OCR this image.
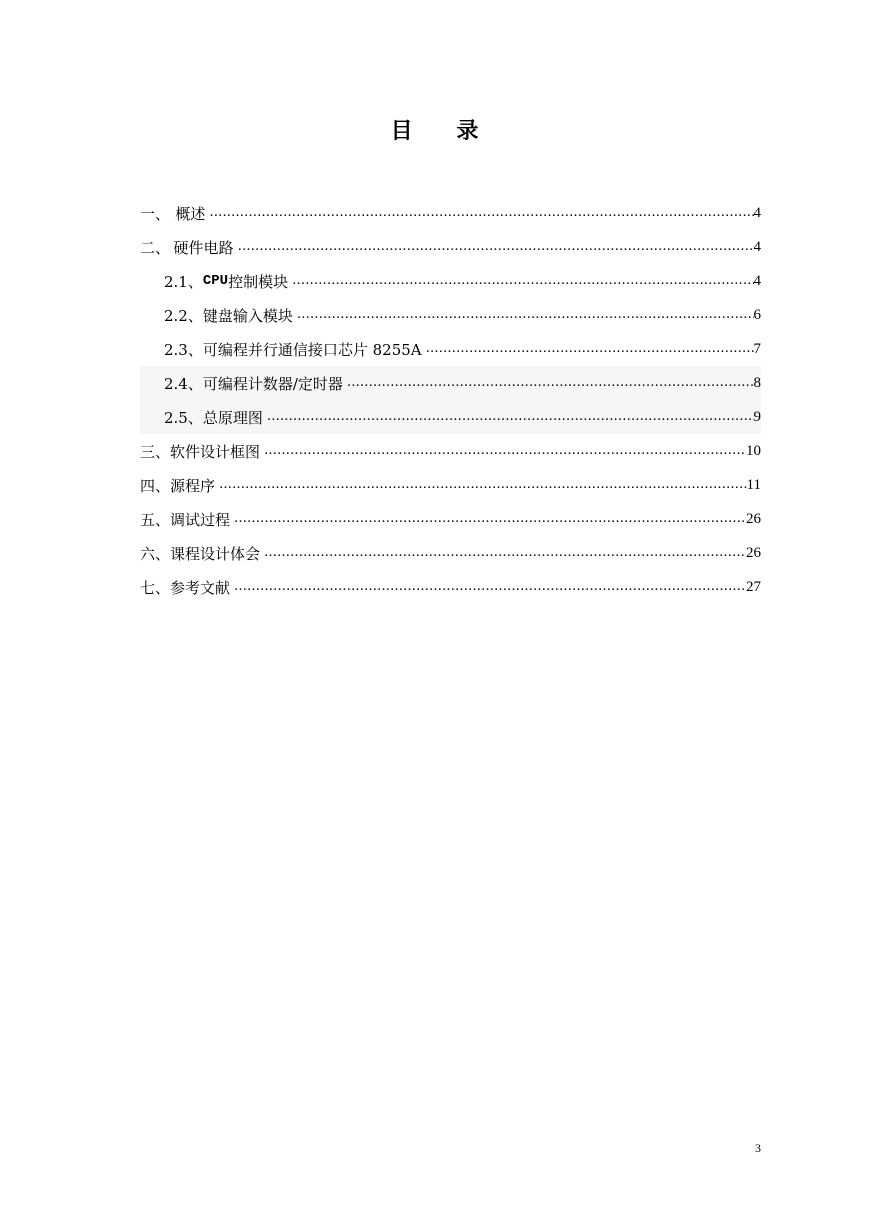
目 录
一、 概述 ……………………………………………………………………………………………………………………………………………………………………………………………	4
二、 硬件电路 ……………………………………………………………………………………………………………………………………………………………………………………………	4
2.1、 CPU 控制模块 ……………………………………………………………………………………………………………………………………………………………………………………………	4
2.2、键盘输入模块 ……………………………………………………………………………………………………………………………………………………………………………………………	6
2.3、可编程并行通信接口芯片 8255A ……………………………………………………………………………………………………………………………………………………………………………………………	7
2.4、可编程计数器/定时器 ……………………………………………………………………………………………………………………………………………………………………………………………	8
2.5、总原理图 ……………………………………………………………………………………………………………………………………………………………………………………………	9
三、软件设计框图 ……………………………………………………………………………………………………………………………………………………………………………………………	10
四、源程序 ……………………………………………………………………………………………………………………………………………………………………………………………	11
五、调试过程 ……………………………………………………………………………………………………………………………………………………………………………………………	26
六、课程设计体会 ……………………………………………………………………………………………………………………………………………………………………………………………	26
七、参考文献 ……………………………………………………………………………………………………………………………………………………………………………………………	27
3
